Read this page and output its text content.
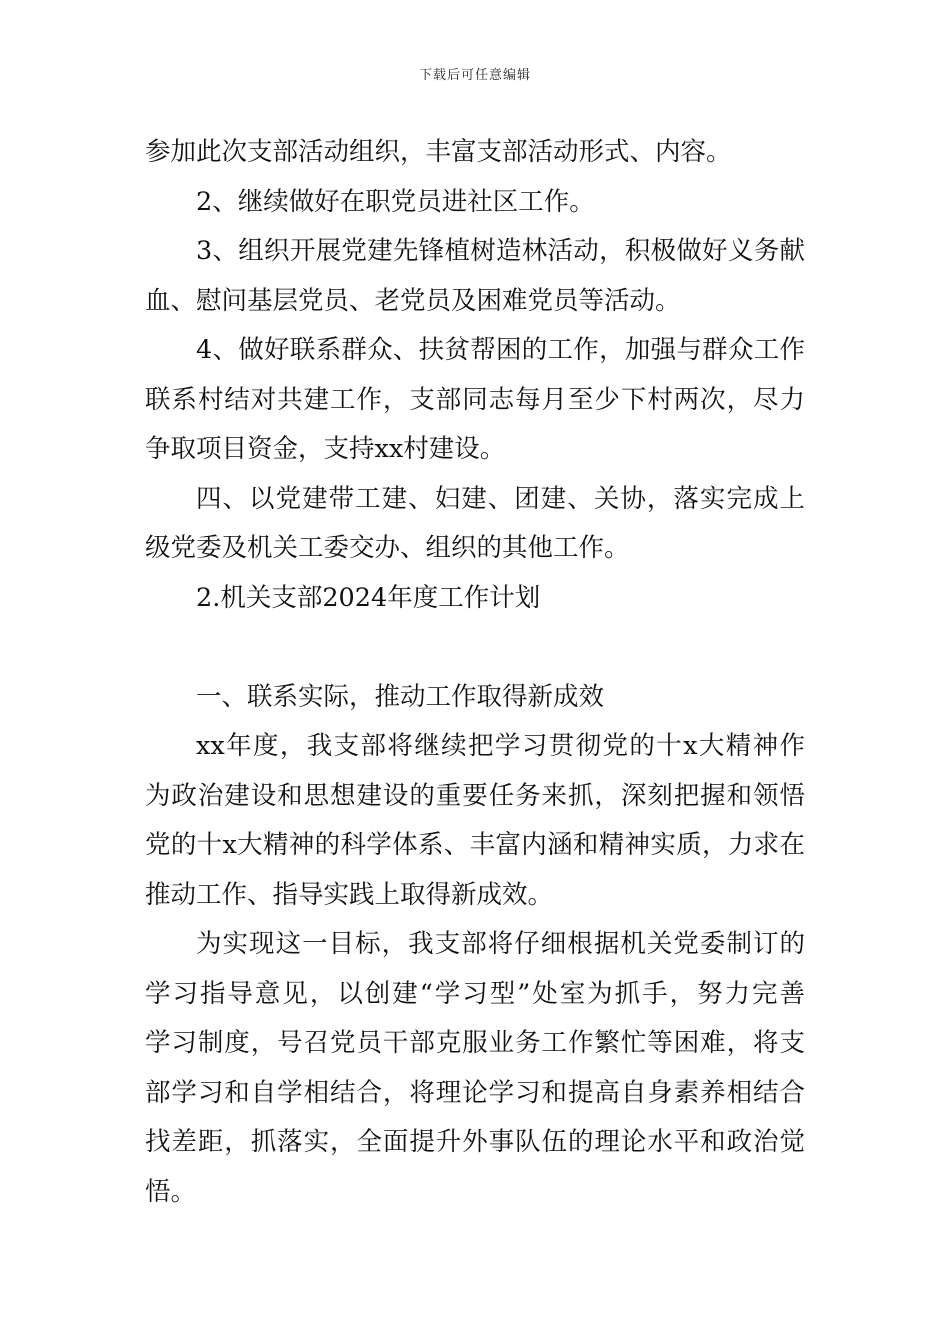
下载后可任意编辑
参加此次支部活动组织，丰富支部活动形式、内容。
2、继续做好在职党员进社区工作。
3、组织开展党建先锋植树造林活动，积极做好义务献
血、慰问基层党员、老党员及困难党员等活动。
4、做好联系群众、扶贫帮困的工作，加强与群众工作
联系村结对共建工作，支部同志每月至少下村两次，尽力
争取项目资金，支持xx村建设。
四、以党建带工建、妇建、团建、关协，落实完成上
级党委及机关工委交办、组织的其他工作。
2.机关支部2024年度工作计划
一、联系实际，推动工作取得新成效
xx年度，我支部将继续把学习贯彻党的十x大精神作
为政治建设和思想建设的重要任务来抓，深刻把握和领悟
党的十x大精神的科学体系、丰富内涵和精神实质，力求在
推动工作、指导实践上取得新成效。
为实现这一目标，我支部将仔细根据机关党委制订的
学习指导意见，以创建“学习型”处室为抓手，努力完善
学习制度，号召党员干部克服业务工作繁忙等困难，将支
部学习和自学相结合，将理论学习和提高自身素养相结合
找差距，抓落实，全面提升外事队伍的理论水平和政治觉
悟。
